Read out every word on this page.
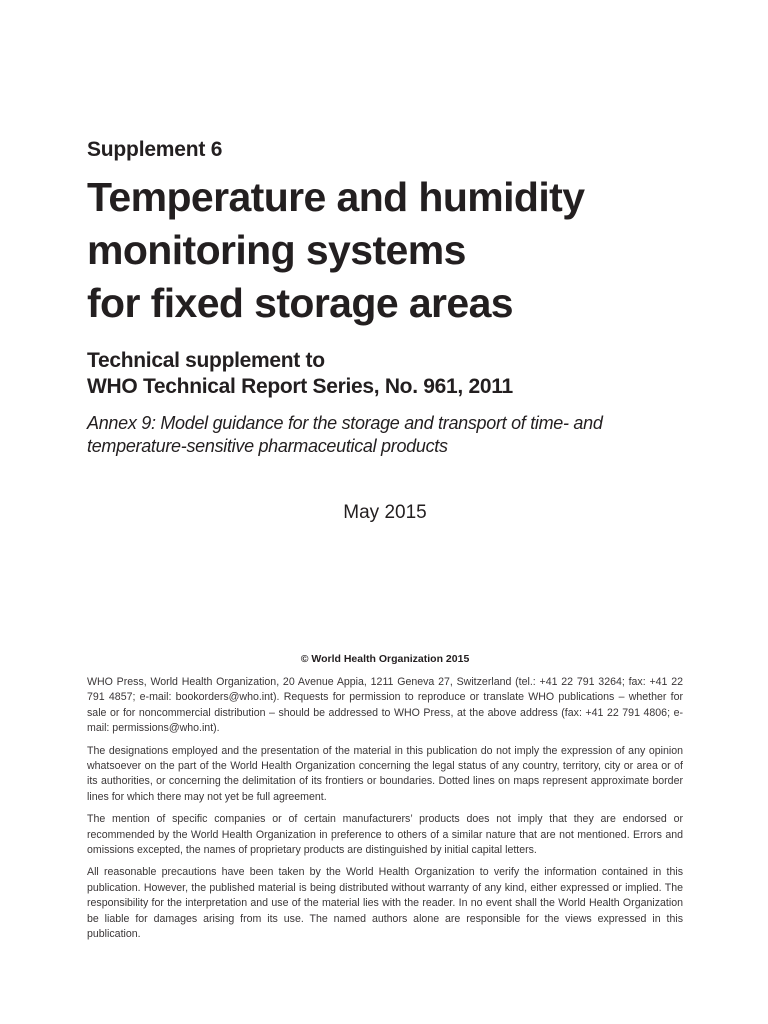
Supplement 6
Temperature and humidity
monitoring systems
for fixed storage areas
Technical supplement to
WHO Technical Report Series, No. 961, 2011
Annex 9: Model guidance for the storage and transport of time- and
temperature-sensitive pharmaceutical products
May 2015
© World Health Organization 2015

WHO Press, World Health Organization, 20 Avenue Appia, 1211 Geneva 27, Switzerland (tel.: +41 22 791 3264; fax: +41 22 791 4857; e-mail: bookorders@who.int). Requests for permission to reproduce or translate WHO publications – whether for sale or for noncommercial distribution – should be addressed to WHO Press, at the above address (fax: +41 22 791 4806; e-mail: permissions@who.int).

The designations employed and the presentation of the material in this publication do not imply the expression of any opinion whatsoever on the part of the World Health Organization concerning the legal status of any country, territory, city or area or of its authorities, or concerning the delimitation of its frontiers or boundaries. Dotted lines on maps represent approximate border lines for which there may not yet be full agreement.

The mention of specific companies or of certain manufacturers’ products does not imply that they are endorsed or recommended by the World Health Organization in preference to others of a similar nature that are not mentioned. Errors and omissions excepted, the names of proprietary products are distinguished by initial capital letters.

All reasonable precautions have been taken by the World Health Organization to verify the information contained in this publication. However, the published material is being distributed without warranty of any kind, either expressed or implied. The responsibility for the interpretation and use of the material lies with the reader. In no event shall the World Health Organization be liable for damages arising from its use. The named authors alone are responsible for the views expressed in this publication.
